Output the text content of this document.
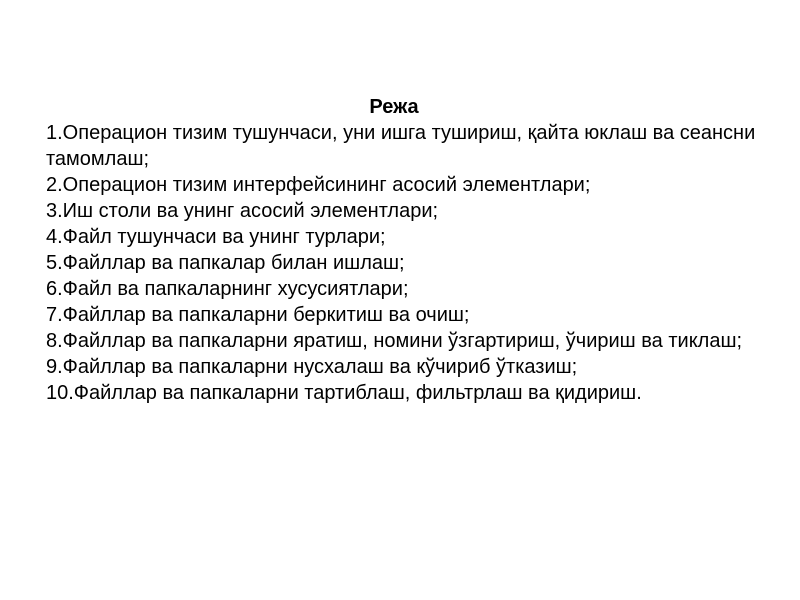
Режа
1.Операцион тизим тушунчаси, уни ишга тушириш, қайта юклаш ва сеансни тамомлаш;
2.Операцион тизим интерфейсининг асосий элементлари;
3.Иш столи ва унинг асосий элементлари;
4.Файл тушунчаси ва унинг турлари;
5.Файллар ва папкалар билан ишлаш;
6.Файл ва папкаларнинг хусусиятлари;
7.Файллар ва папкаларни беркитиш ва очиш;
8.Файллар ва папкаларни яратиш, номини ўзгартириш, ўчириш ва тиклаш;
9.Файллар ва папкаларни нусхалаш ва кўчириб ўтказиш;
10.Файллар ва папкаларни тартиблаш, фильтрлаш ва қидириш.
